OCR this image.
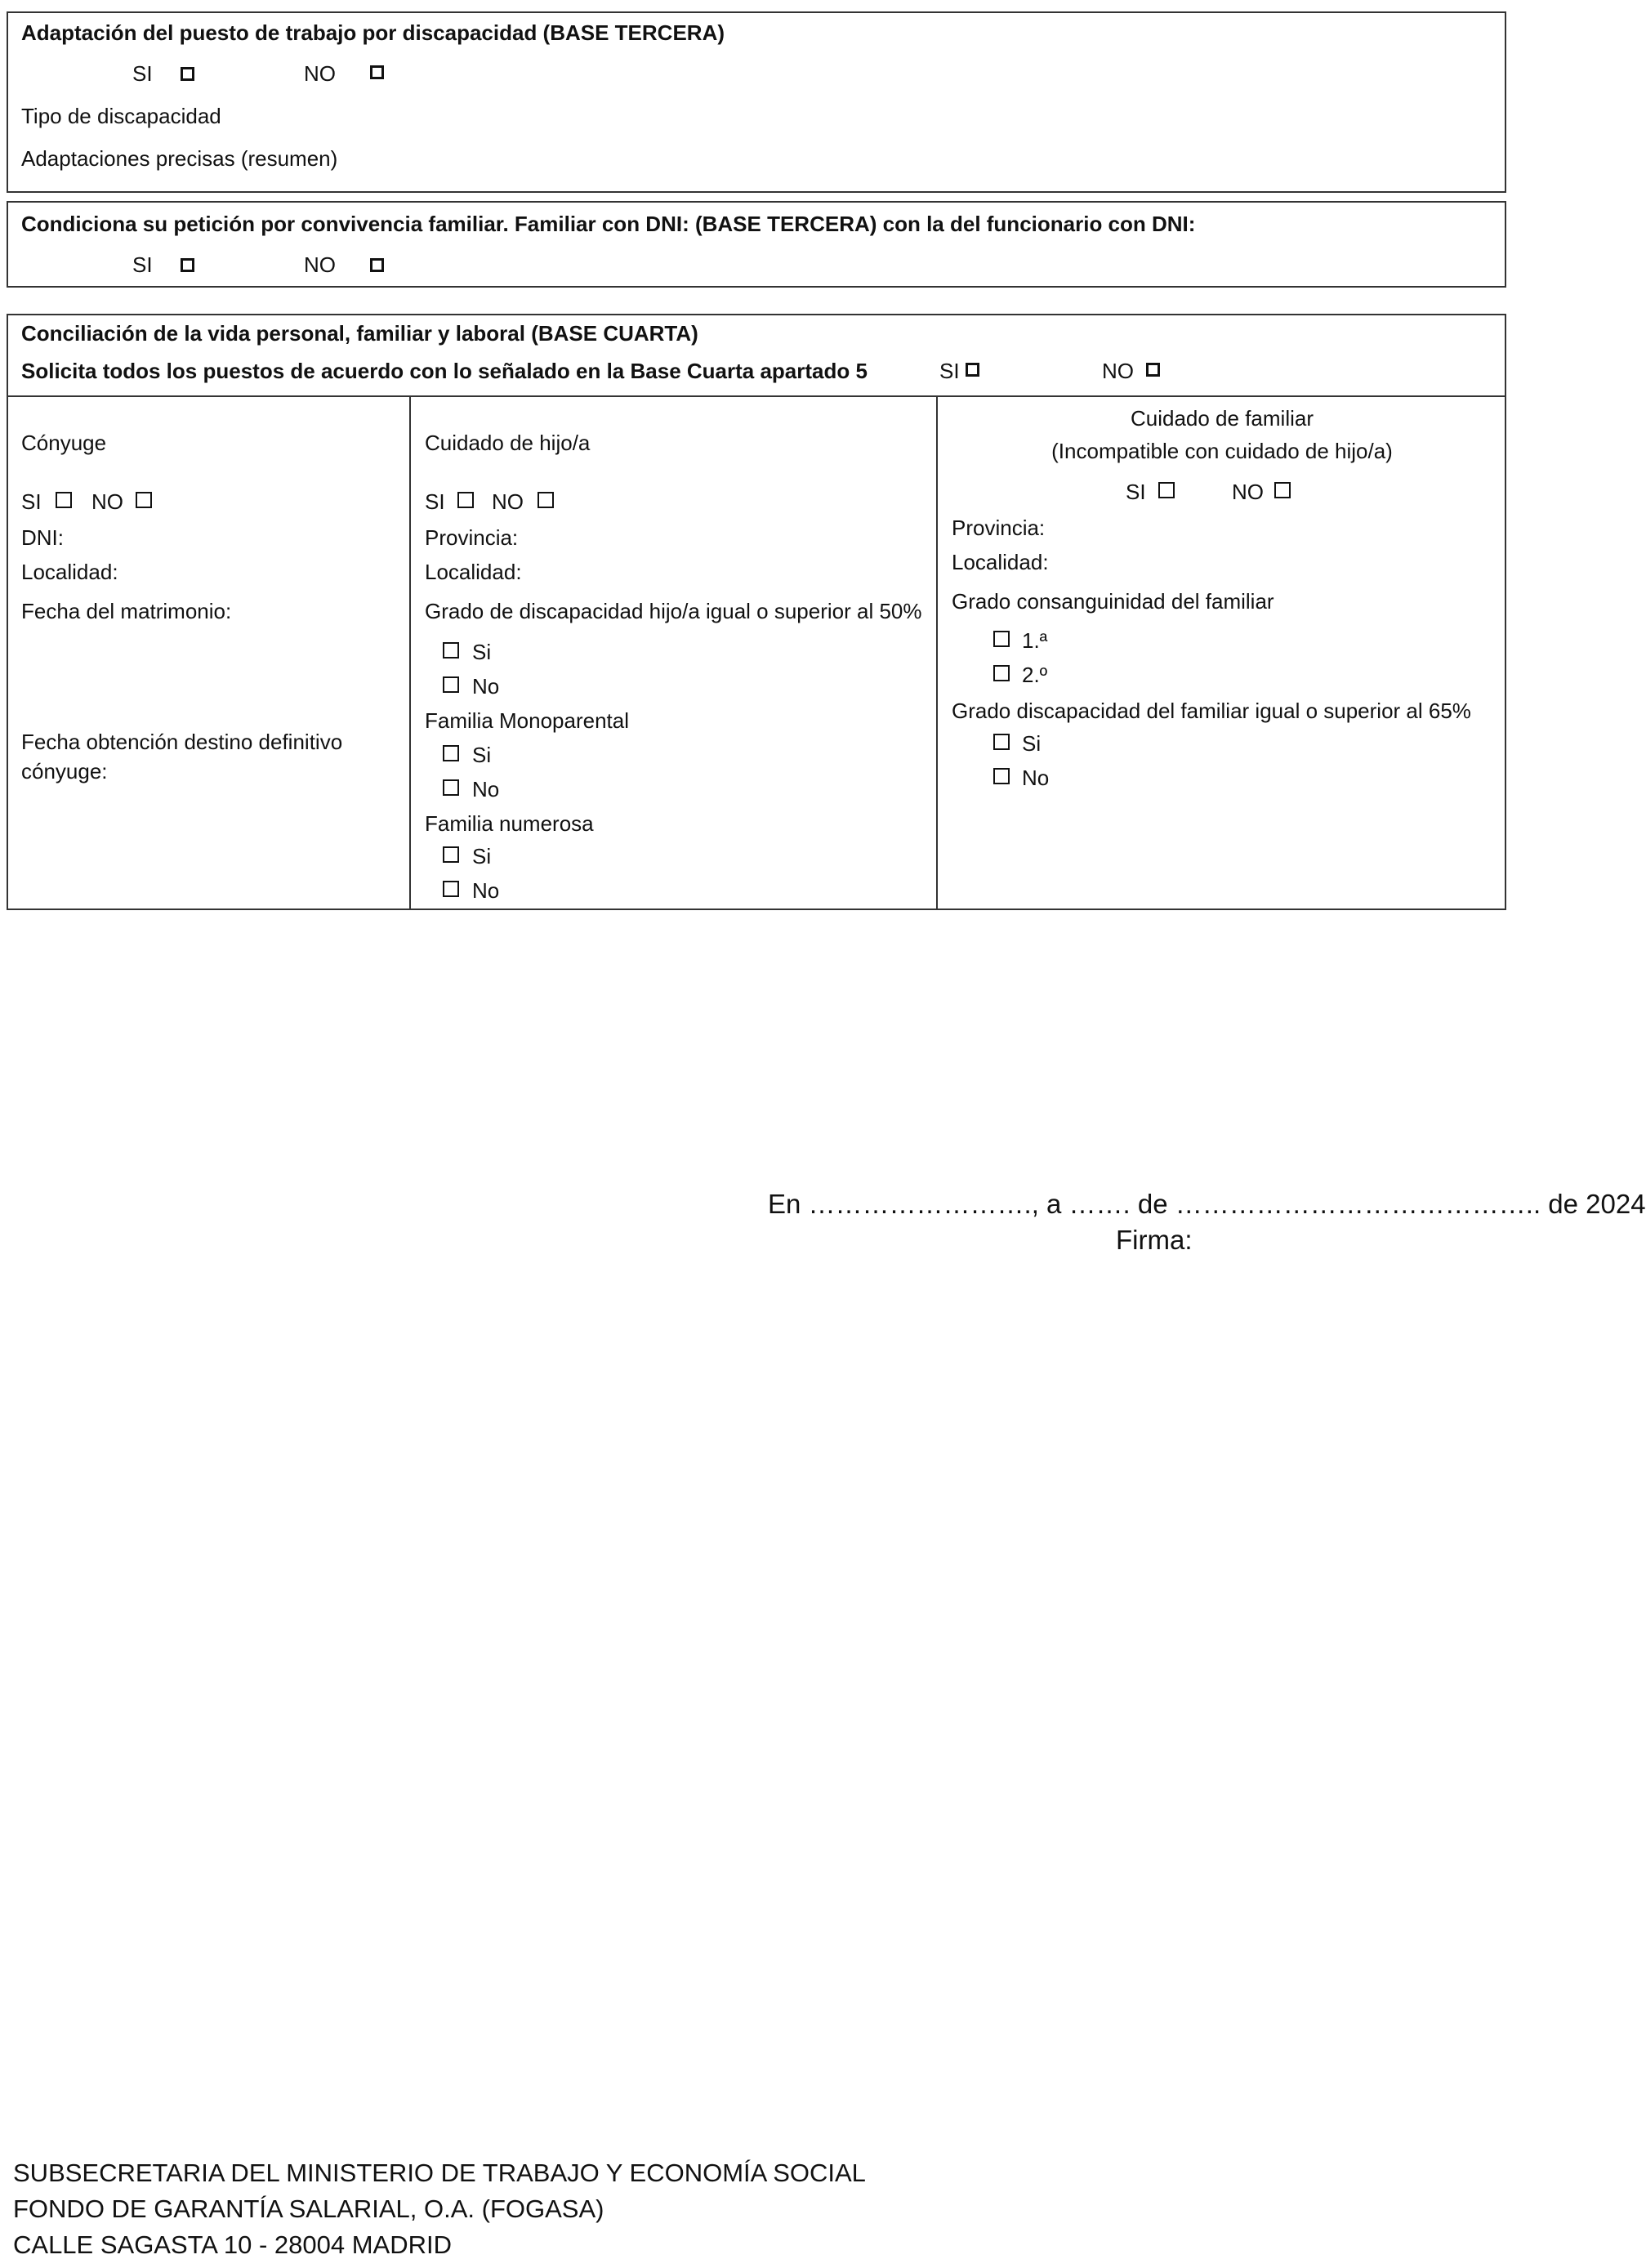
Adaptación del puesto de trabajo por discapacidad (BASE TERCERA)
SI	NO
Tipo de discapacidad
Adaptaciones precisas (resumen)
Condiciona su petición por convivencia familiar. Familiar con DNI: (BASE TERCERA) con la del funcionario con DNI:
SI	NO
Conciliación de la vida personal, familiar y laboral (BASE CUARTA)
Solicita todos los puestos de acuerdo con lo señalado en la Base Cuarta apartado 5	SI	NO
Cónyuge
SI NO
DNI:
Localidad:
Fecha del matrimonio:
Fecha obtención destino definitivo
cónyuge:
Cuidado de hijo/a
SI NO
Provincia:
Localidad:
Grado de discapacidad hijo/a igual o superior al 50%
Si
No
Familia Monoparental
Si
No
Familia numerosa
Si
No
Cuidado de familiar
(Incompatible con cuidado de hijo/a)
SI	NO
Provincia:
Localidad:
Grado consanguinidad del familiar
1.ª
2.º
Grado discapacidad del familiar igual o superior al 65%
Si
No
En ……………………., a ……. de ………………………………….. de 2024
Firma:
SUBSECRETARIA DEL MINISTERIO DE TRABAJO Y ECONOMÍA SOCIAL
FONDO DE GARANTÍA SALARIAL, O.A. (FOGASA)
CALLE SAGASTA 10 - 28004 MADRID
